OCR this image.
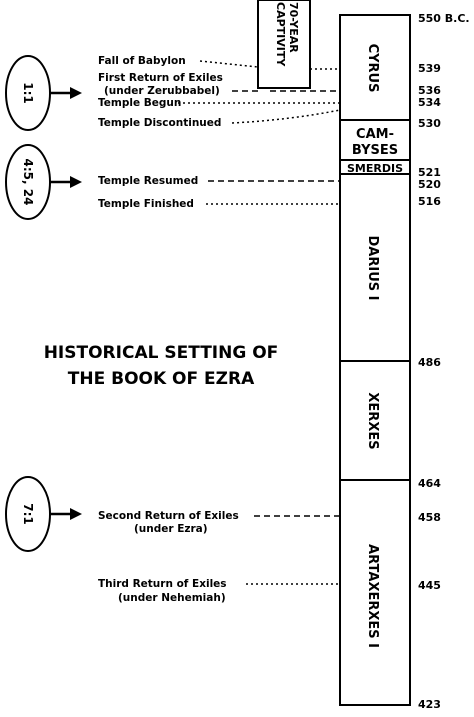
CYRUS
CAM-
BYSES
SMERDIS
DARIUS I
XERXES
ARTAXERXES I
550 B.C.
539
536
534
530
521
520
516
486
464
458
445
423
70-YEAR
CAPTIVITY
Fall of Babylon
First Return of Exiles
(under Zerubbabel)
Temple Begun
Temple Discontinued
Temple Resumed
Temple Finished
Second Return of Exiles
(under Ezra)
Third Return of Exiles
(under Nehemiah)
1:1
4:5, 24
7:1
HISTORICAL SETTING OF
THE BOOK OF EZRA
